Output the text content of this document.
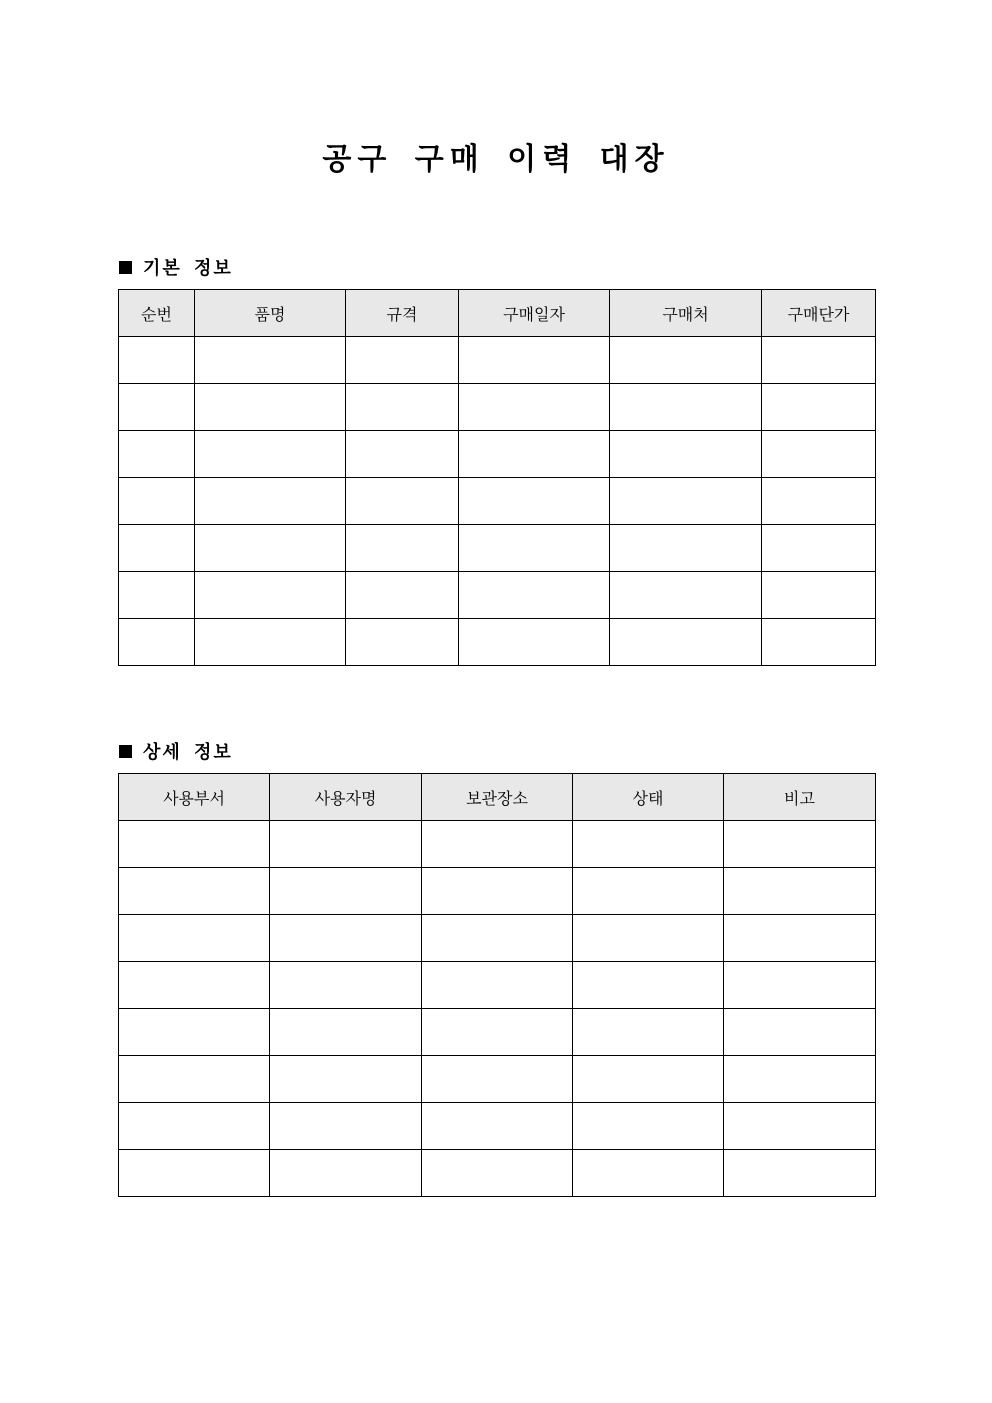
공구 구매 이력 대장
기본 정보
순번	품명	규격	구매일자	구매처	구매단가

상세 정보
사용부서	사용자명	보관장소	상태	비고
